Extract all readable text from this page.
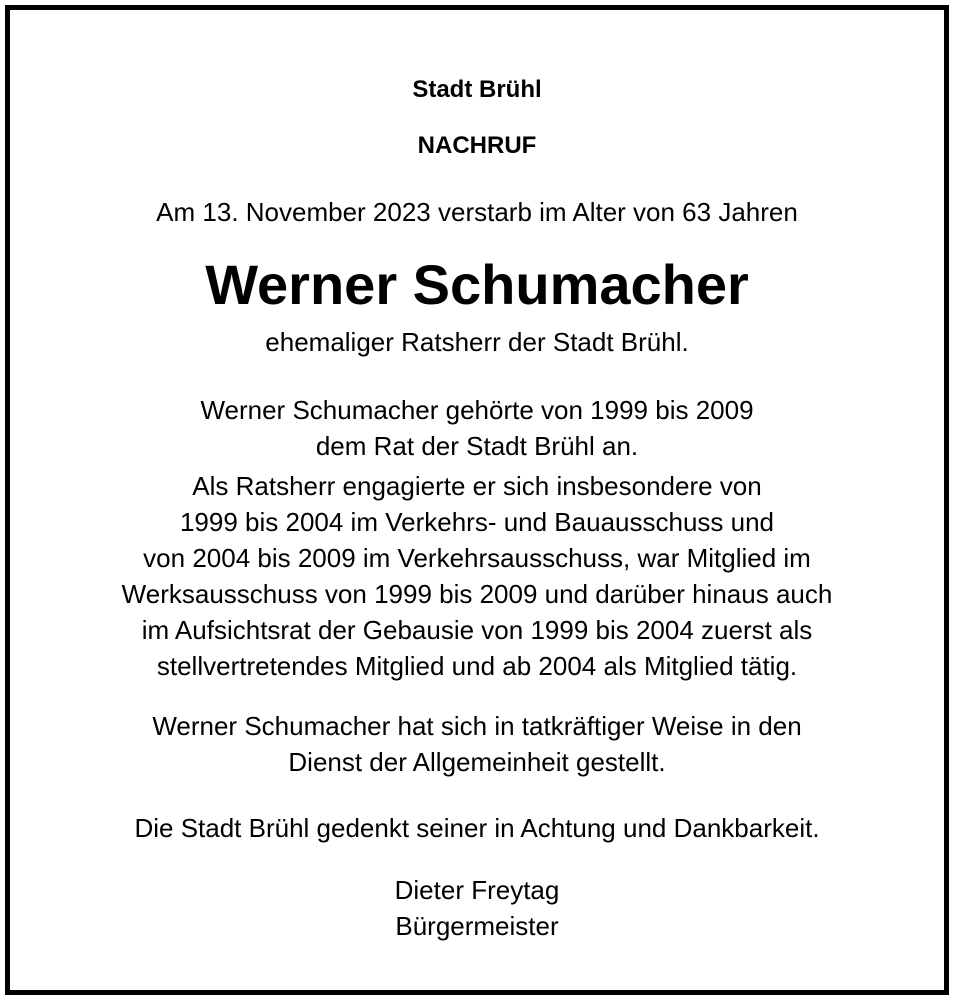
Stadt Brühl
NACHRUF
Am 13. November 2023 verstarb im Alter von 63 Jahren
Werner Schumacher
ehemaliger Ratsherr der Stadt Brühl.
Werner Schumacher gehörte von 1999 bis 2009
dem Rat der Stadt Brühl an.
Als Ratsherr engagierte er sich insbesondere von
1999 bis 2004 im Verkehrs- und Bauausschuss und
von 2004 bis 2009 im Verkehrsausschuss, war Mitglied im
Werksausschuss von 1999 bis 2009 und darüber hinaus auch
im Aufsichtsrat der Gebausie von 1999 bis 2004 zuerst als
stellvertretendes Mitglied und ab 2004 als Mitglied tätig.
Werner Schumacher hat sich in tatkräftiger Weise in den
Dienst der Allgemeinheit gestellt.
Die Stadt Brühl gedenkt seiner in Achtung und Dankbarkeit.
Dieter Freytag
Bürgermeister
